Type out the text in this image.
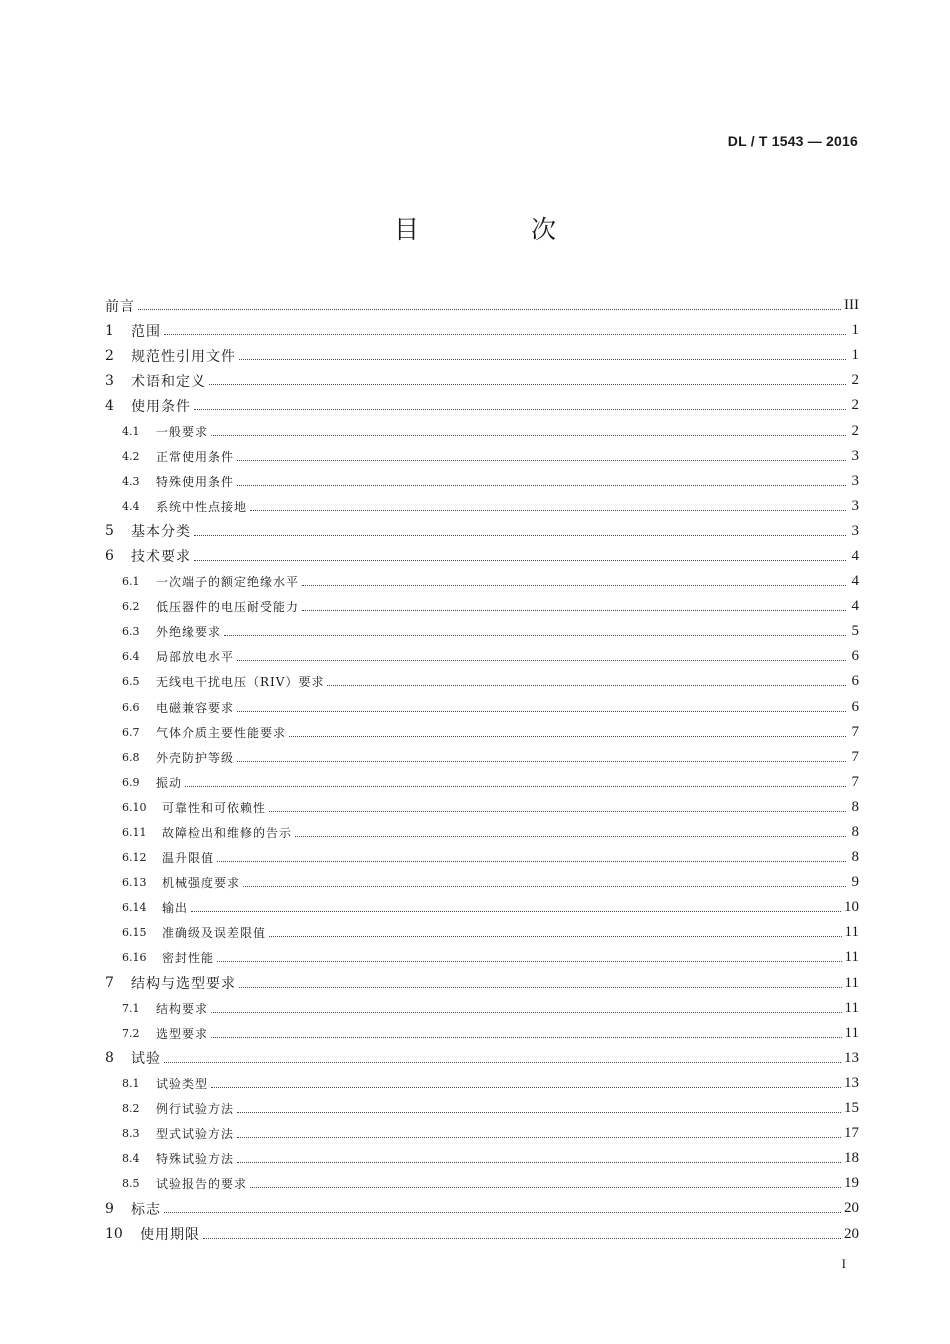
DL / T 1543 — 2016
目 次
前言	III
1	范围	1
2	规范性引用文件	1
3	术语和定义	2
4	使用条件	2
4.1	一般要求	2
4.2	正常使用条件	3
4.3	特殊使用条件	3
4.4	系统中性点接地	3
5	基本分类	3
6	技术要求	4
6.1	一次端子的额定绝缘水平	4
6.2	低压器件的电压耐受能力	4
6.3	外绝缘要求	5
6.4	局部放电水平	6
6.5	无线电干扰电压（RIV）要求	6
6.6	电磁兼容要求	6
6.7	气体介质主要性能要求	7
6.8	外壳防护等级	7
6.9	振动	7
6.10	可靠性和可依赖性	8
6.11	故障检出和维修的告示	8
6.12	温升限值	8
6.13	机械强度要求	9
6.14	输出	10
6.15	准确级及误差限值	11
6.16	密封性能	11
7	结构与选型要求	11
7.1	结构要求	11
7.2	选型要求	11
8	试验	13
8.1	试验类型	13
8.2	例行试验方法	15
8.3	型式试验方法	17
8.4	特殊试验方法	18
8.5	试验报告的要求	19
9	标志	20
10	使用期限	20
I
